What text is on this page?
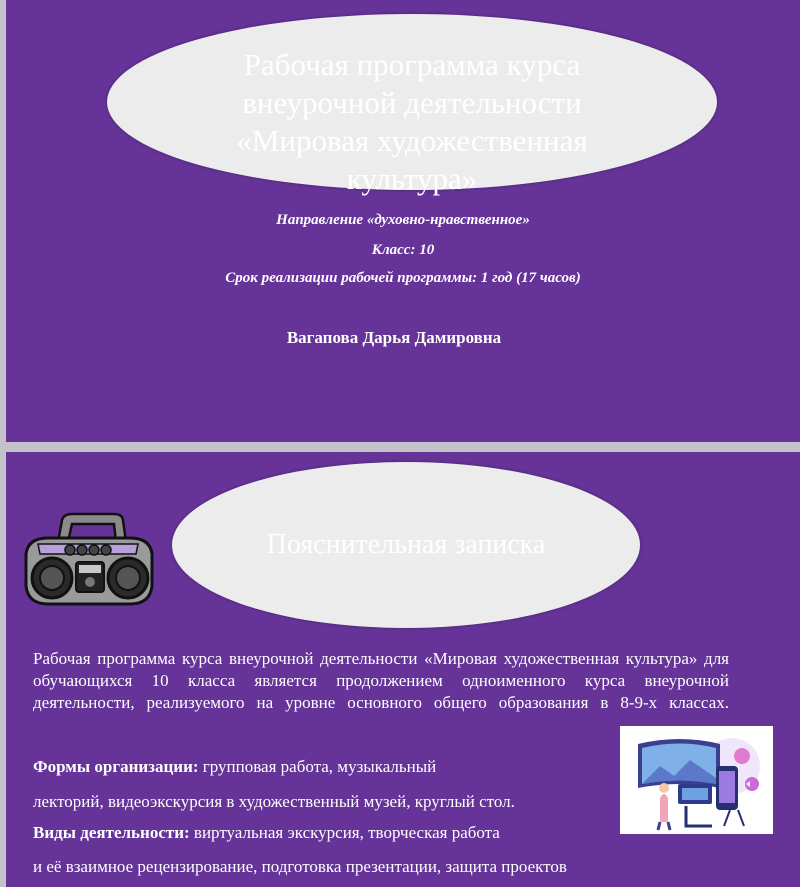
Рабочая программа курса внеурочной деятельности «Мировая художественная культура»
Направление «духовно-нравственное»
Класс: 10
Срок реализации рабочей программы: 1 год (17 часов)
Вагапова Дарья Дамировна
Пояснительная записка
Рабочая программа курса внеурочной деятельности «Мировая художественная культура» для обучающихся 10 класса является продолжением одноименного курса внеурочной деятельности, реализуемого на уровне основного общего образования в 8-9-х классах.
Формы организации: групповая работа, музыкальный
лекторий, видеоэкскурсия в художественный музей, круглый стол.
Виды деятельности: виртуальная экскурсия, творческая работа
и её взаимное рецензирование, подготовка презентации, защита проектов
